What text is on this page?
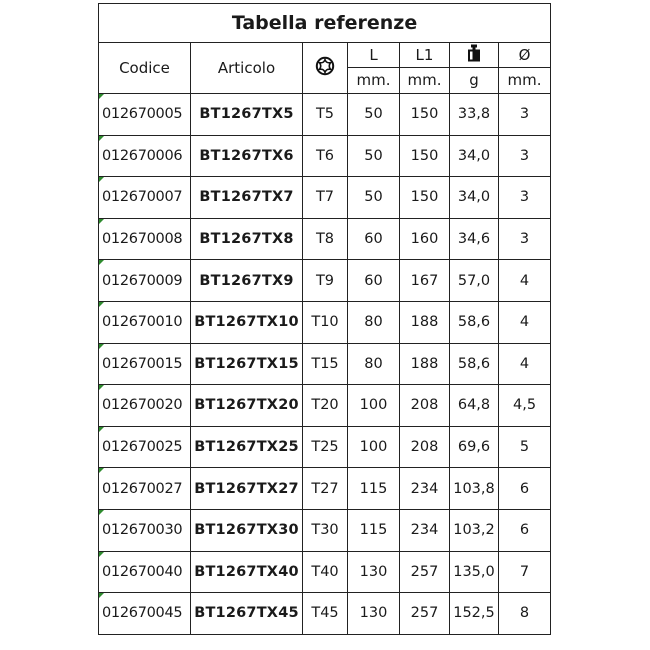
Tabella referenze						
Codice	Articolo		L	L1		Ø
			mm.	mm.	g	mm.
012670005	BT1267TX5	T5	50	150	33,8	3
012670006	BT1267TX6	T6	50	150	34,0	3
012670007	BT1267TX7	T7	50	150	34,0	3
012670008	BT1267TX8	T8	60	160	34,6	3
012670009	BT1267TX9	T9	60	167	57,0	4
012670010	BT1267TX10	T10	80	188	58,6	4
012670015	BT1267TX15	T15	80	188	58,6	4
012670020	BT1267TX20	T20	100	208	64,8	4,5
012670025	BT1267TX25	T25	100	208	69,6	5
012670027	BT1267TX27	T27	115	234	103,8	6
012670030	BT1267TX30	T30	115	234	103,2	6
012670040	BT1267TX40	T40	130	257	135,0	7
012670045	BT1267TX45	T45	130	257	152,5	8
